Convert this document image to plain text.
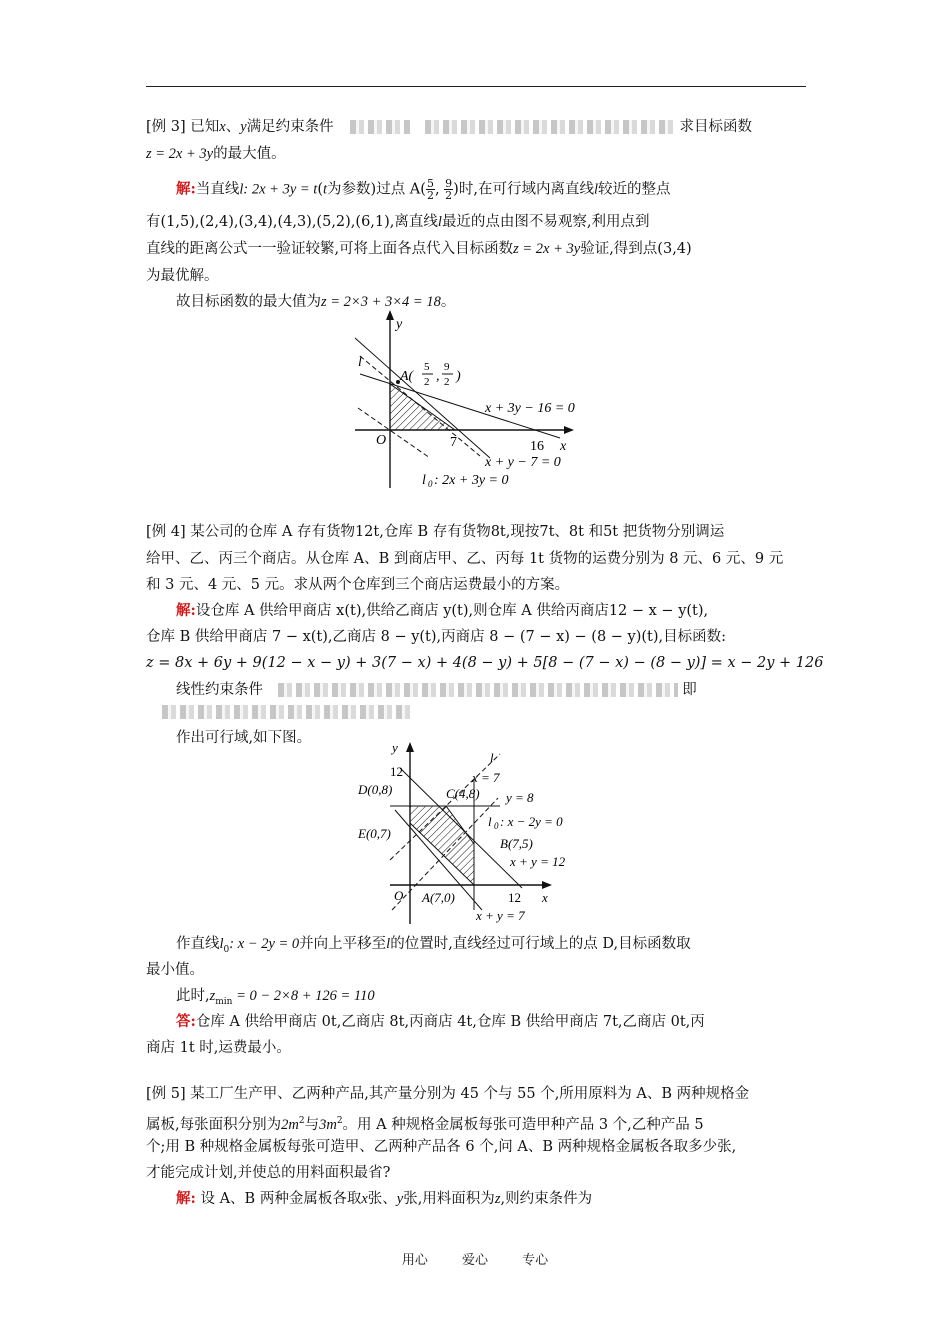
[例 3] 已知x、y满足约束条件	求目标函数
z = 2x + 3y的最大值。
解:当直线l: 2x + 3y = t(t为参数)过点 $A( \frac{5}{2}$ , $\frac{9}{2}$ )时,在可行域内离直线l较近的整点
有(1,5),(2,4),(3,4),(4,3),(5,2),(6,1),离直线l最近的点由图不易观察,利用点到
直线的距离公式一一验证较繁,可将上面各点代入目标函数z = 2x + 3y验证,得到点(3,4)
为最优解。
故目标函数的最大值为z = 2×3 + 3×4 = 18。
y
x
l
O	7	16
A(
5
2 ,
9
2 )
x + 3y − 16 = 0
x + y − 7 = 0
l 0 : 2x + 3y = 0
[例 4] 某公司的仓库 A 存有货物12t,仓库 B 存有货物8t,现按7t、8t 和5t 把货物分别调运
给甲、乙、丙三个商店。从仓库 A、B 到商店甲、乙、丙每 1t 货物的运费分别为 8 元、6 元、9 元
和 3 元、4 元、5 元。求从两个仓库到三个商店运费最小的方案。
解:设仓库 A 供给甲商店 x(t),供给乙商店 y(t),则仓库 A 供给丙商店12 − x − y(t),
仓库 B 供给甲商店 7 − x(t),乙商店 8 − y(t),丙商店 8 − (7 − x) − (8 − y)(t),目标函数:
z = 8x + 6y + 9(12 − x − y) + 3(7 − x) + 4(8 − y) + 5[8 − (7 − x) − (8 − y)] = x − 2y + 126
线性约束条件	即
作出可行域,如下图。
y
x
O
l
12
12
D(0,8)	C(4,8)
E(0,7)
B(7,5)
A(7,0)
x = 7
y = 8
l 0 : x − 2y = 0
x + y = 12
x + y = 7
作直线$l_0$: x − 2y = 0并向上平移至l的位置时,直线经过可行域上的点 D,目标函数取
最小值。
此时$,z_{min} = 0 - 2\times 8 + 126 = 110$
答:仓库 A 供给甲商店 0t,乙商店 8t,丙商店 4t,仓库 B 供给甲商店 7t,乙商店 0t,丙
商店 1t 时,运费最小。
[例 5] 某工厂生产甲、乙两种产品,其产量分别为 45 个与 55 个,所用原料为 A、B 两种规格金
属板,每张面积分别为$2m^2$与$3m^2$。用 A 种规格金属板每张可造甲种产品 3 个,乙种产品 5
个;用 B 种规格金属板每张可造甲、乙两种产品各 6 个,问 A、B 两种规格金属板各取多少张,
才能完成计划,并使总的用料面积最省?
解: 设 A、B 两种金属板各取x张、y张,用料面积为z,则约束条件为
用心 爱心 专心
